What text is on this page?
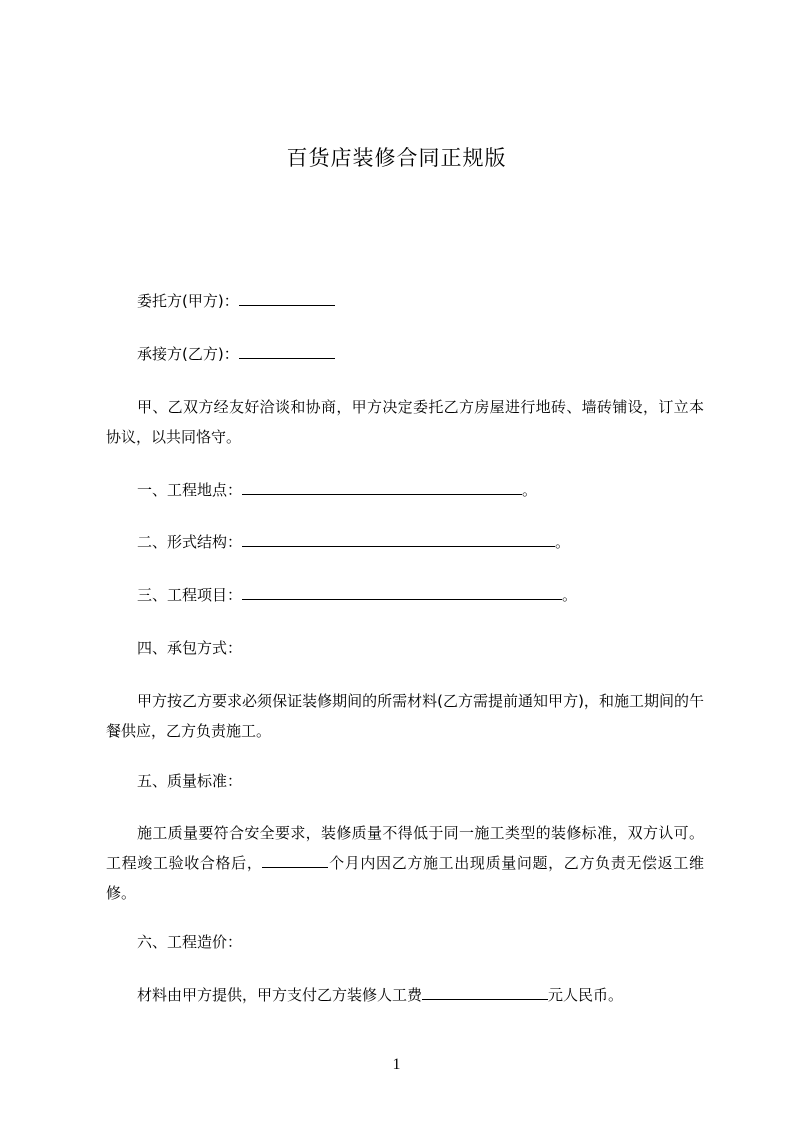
百货店装修合同正规版
委托方(甲方)：
承接方(乙方)：
甲、乙双方经友好洽谈和协商，甲方决定委托乙方房屋进行地砖、墙砖铺设，订立本协议，以共同恪守。
一、工程地点：	。
二、形式结构：	。
三、工程项目：	。
四、承包方式：
甲方按乙方要求必须保证装修期间的所需材料(乙方需提前通知甲方)，和施工期间的午餐供应，乙方负责施工。
五、质量标准：
施工质量要符合安全要求，装修质量不得低于同一施工类型的装修标准，双方认可。工程竣工验收合格后，	个月内因乙方施工出现质量问题，乙方负责无偿返工维修。
六、工程造价：
材料由甲方提供，甲方支付乙方装修人工费	元人民币。
1
